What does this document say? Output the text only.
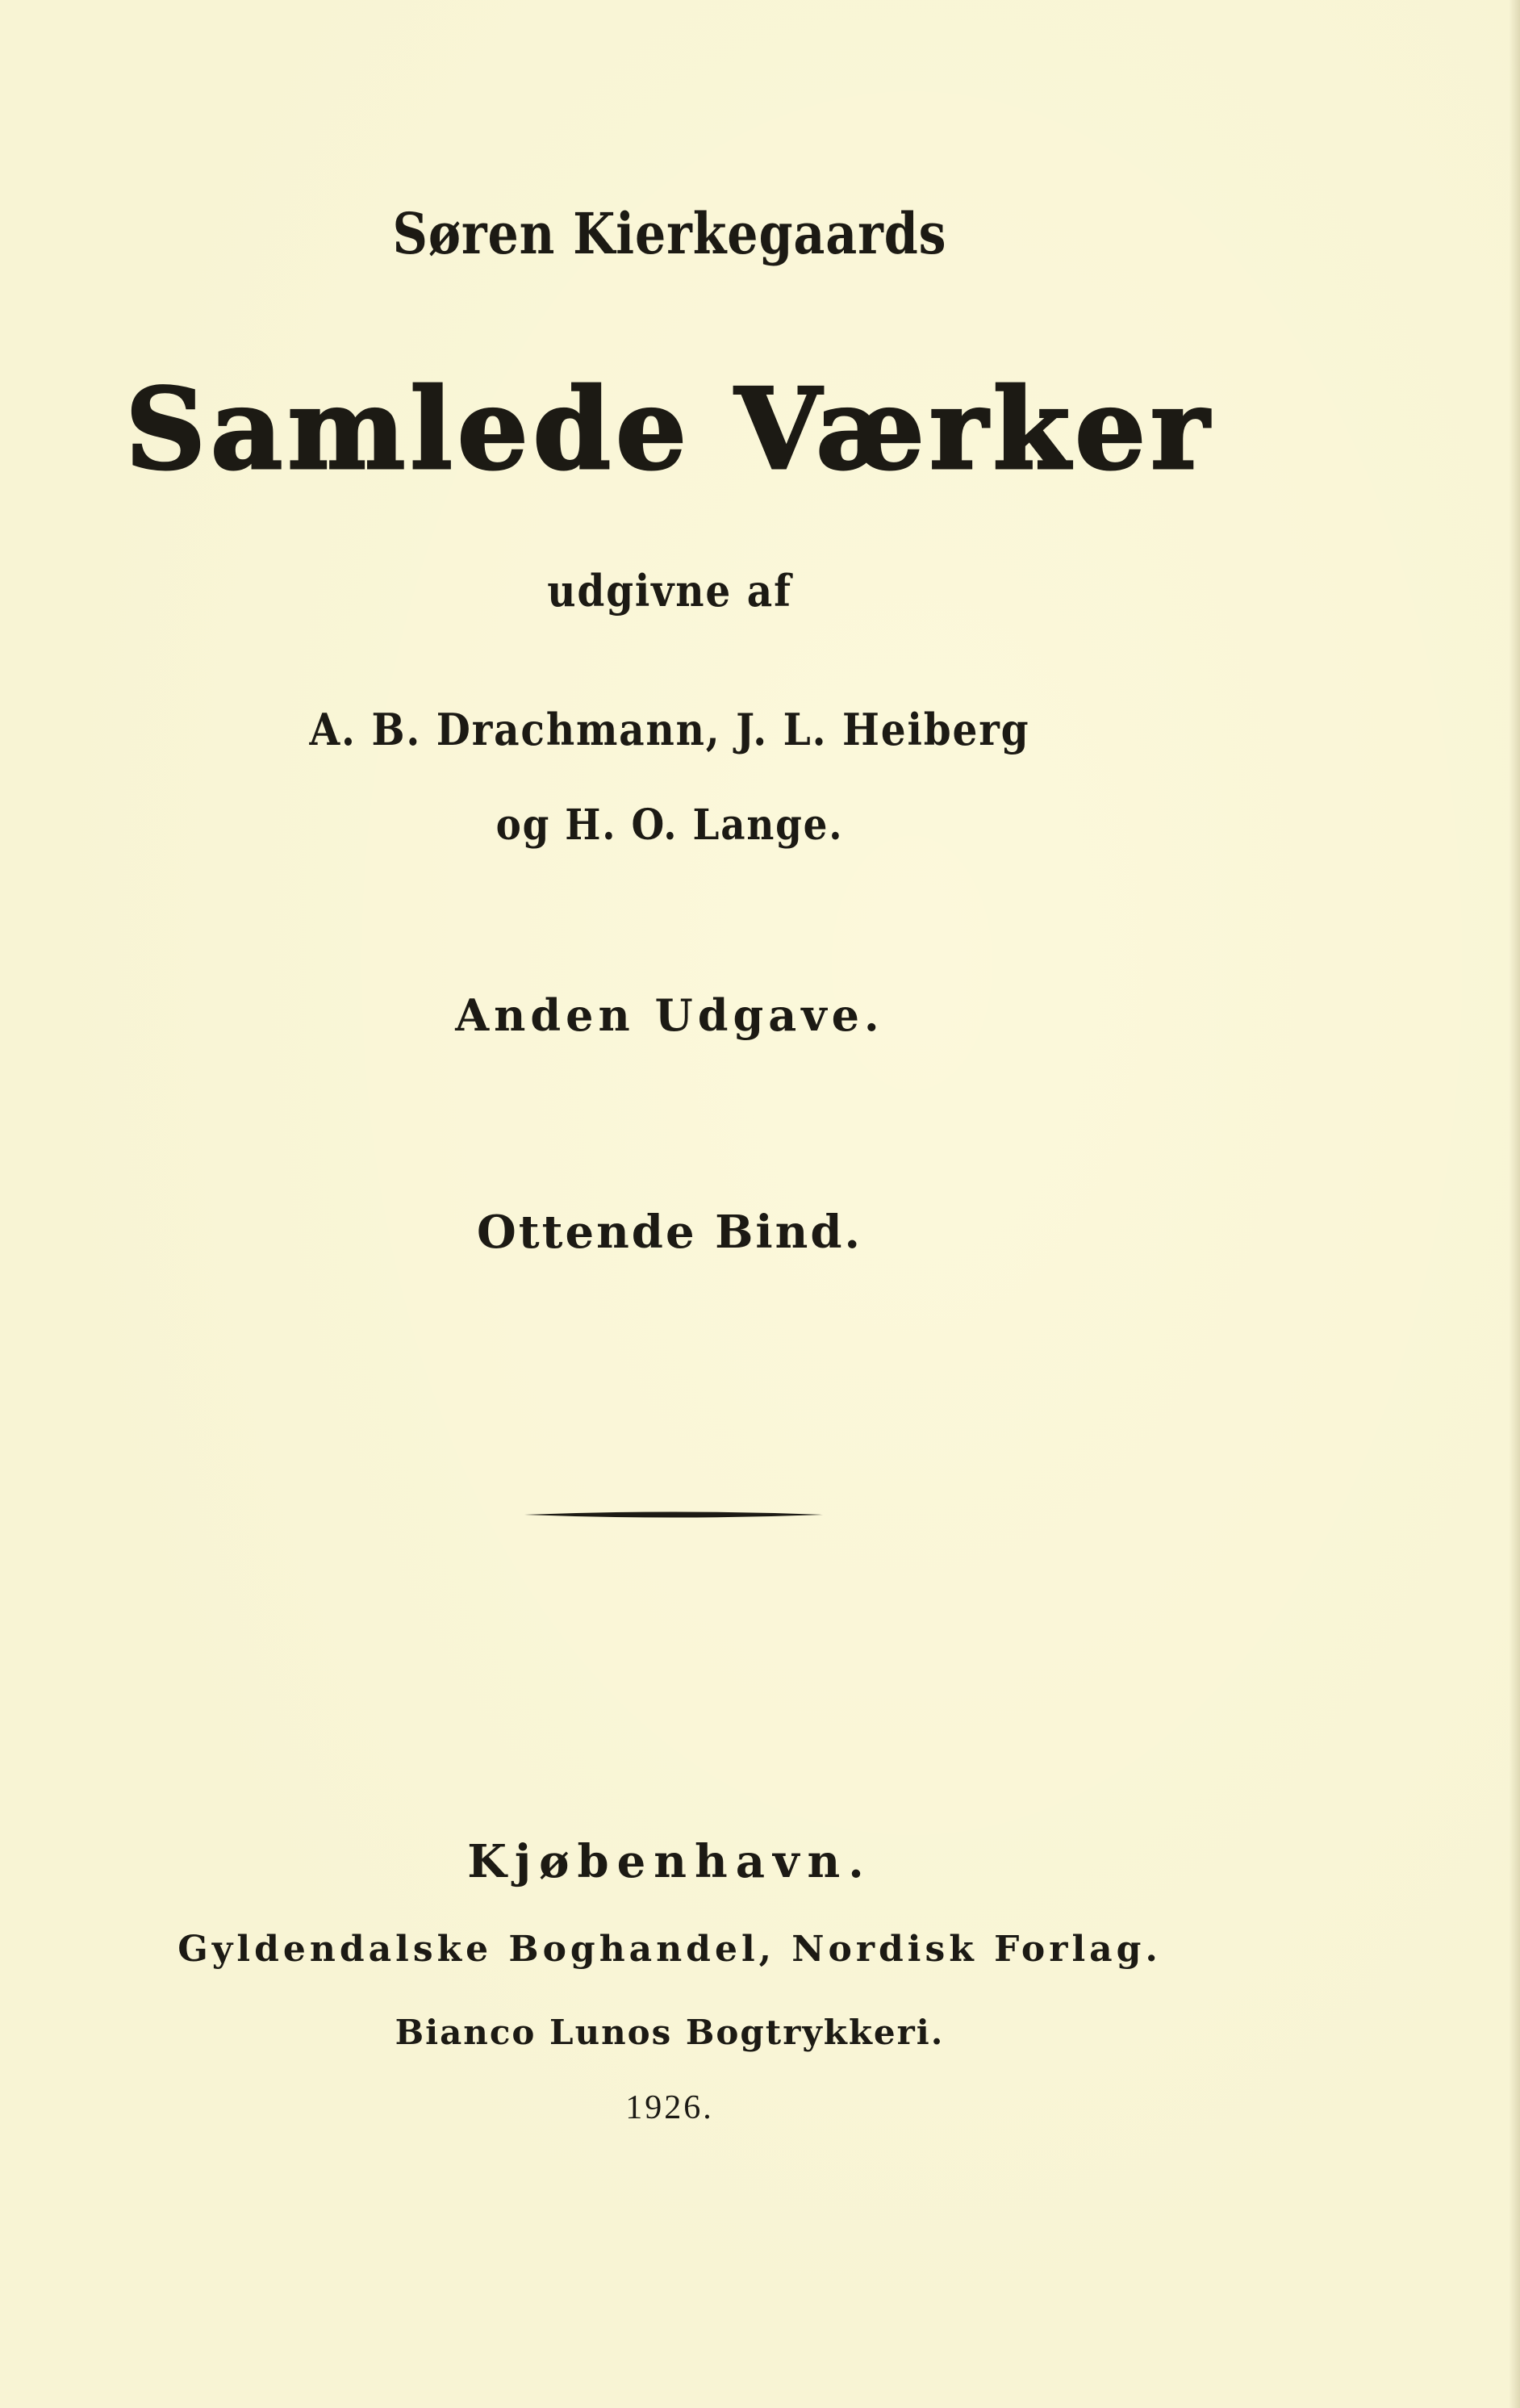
Søren Kierkegaards
Samlede Værker
udgivne af
A. B. Drachmann, J. L. Heiberg
og H. O. Lange.
Anden Udgave.
Ottende Bind.
Kjøbenhavn.
Gyldendalske Boghandel, Nordisk Forlag.
Bianco Lunos Bogtrykkeri.
1926.
